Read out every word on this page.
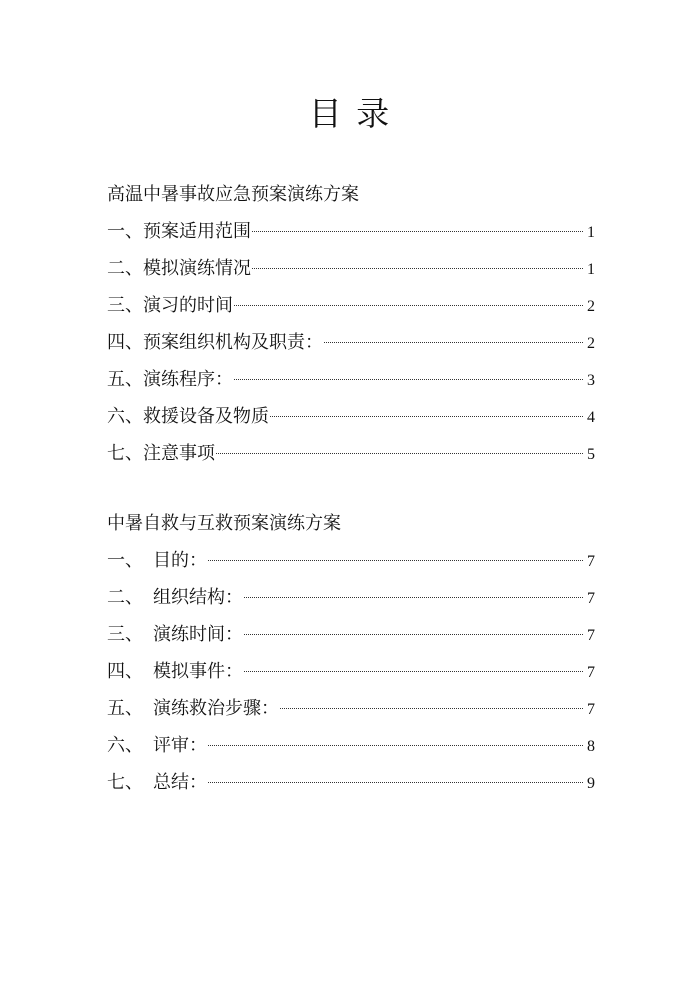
目 录
高温中暑事故应急预案演练方案
一、 预案适用范围	1
二、 模拟演练情况	1
三、 演习的时间	2
四、 预案组织机构及职责：	2
五、 演练程序：	3
六、 救援设备及物质	4
七、 注意事项	5
中暑自救与互救预案演练方案
一、 目的：	7
二、 组织结构：	7
三、 演练时间：	7
四、 模拟事件：	7
五、 演练救治步骤：	7
六、 评审：	8
七、 总结：	9
